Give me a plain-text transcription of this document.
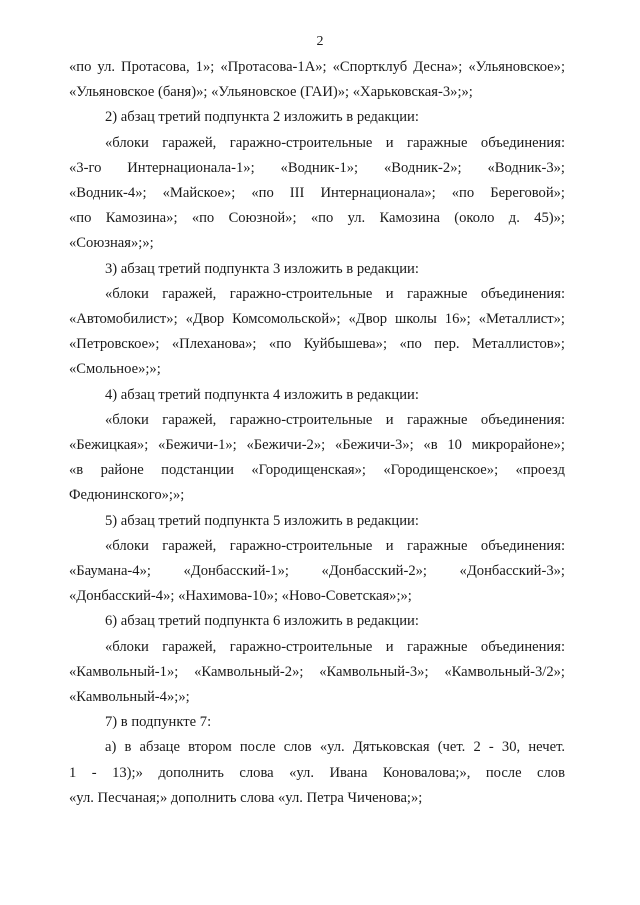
2
«по ул. Протасова, 1»; «Протасова-1А»; «Спортклуб Десна»; «Ульяновское»;
«Ульяновское (баня)»; «Ульяновское (ГАИ)»; «Харьковская-3»;»;
2) абзац третий подпункта 2 изложить в редакции:
«блоки гаражей, гаражно-строительные и гаражные объединения:
«3-го Интернационала-1»; «Водник-1»; «Водник-2»; «Водник-3»;
«Водник-4»; «Майское»; «по III Интернационала»; «по Береговой»;
«по Камозина»; «по Союзной»; «по ул. Камозина (около д. 45)»;
«Союзная»;»;
3) абзац третий подпункта 3 изложить в редакции:
«блоки гаражей, гаражно-строительные и гаражные объединения:
«Автомобилист»; «Двор Комсомольской»; «Двор школы 16»; «Металлист»;
«Петровское»; «Плеханова»; «по Куйбышева»; «по пер. Металлистов»;
«Смольное»;»;
4) абзац третий подпункта 4 изложить в редакции:
«блоки гаражей, гаражно-строительные и гаражные объединения:
«Бежицкая»; «Бежичи-1»; «Бежичи-2»; «Бежичи-3»; «в 10 микрорайоне»;
«в районе подстанции «Городищенская»; «Городищенское»; «проезд
Федюнинского»;»;
5) абзац третий подпункта 5 изложить в редакции:
«блоки гаражей, гаражно-строительные и гаражные объединения:
«Баумана-4»; «Донбасский-1»; «Донбасский-2»; «Донбасский-3»;
«Донбасский-4»; «Нахимова-10»; «Ново-Советская»;»;
6) абзац третий подпункта 6 изложить в редакции:
«блоки гаражей, гаражно-строительные и гаражные объединения:
«Камвольный-1»; «Камвольный-2»; «Камвольный-3»; «Камвольный-3/2»;
«Камвольный-4»;»;
7) в подпункте 7:
а) в абзаце втором после слов «ул. Дятьковская (чет. 2 - 30, нечет.
1 - 13);» дополнить слова «ул. Ивана Коновалова;», после слов
«ул. Песчаная;» дополнить слова «ул. Петра Чиченова;»;
